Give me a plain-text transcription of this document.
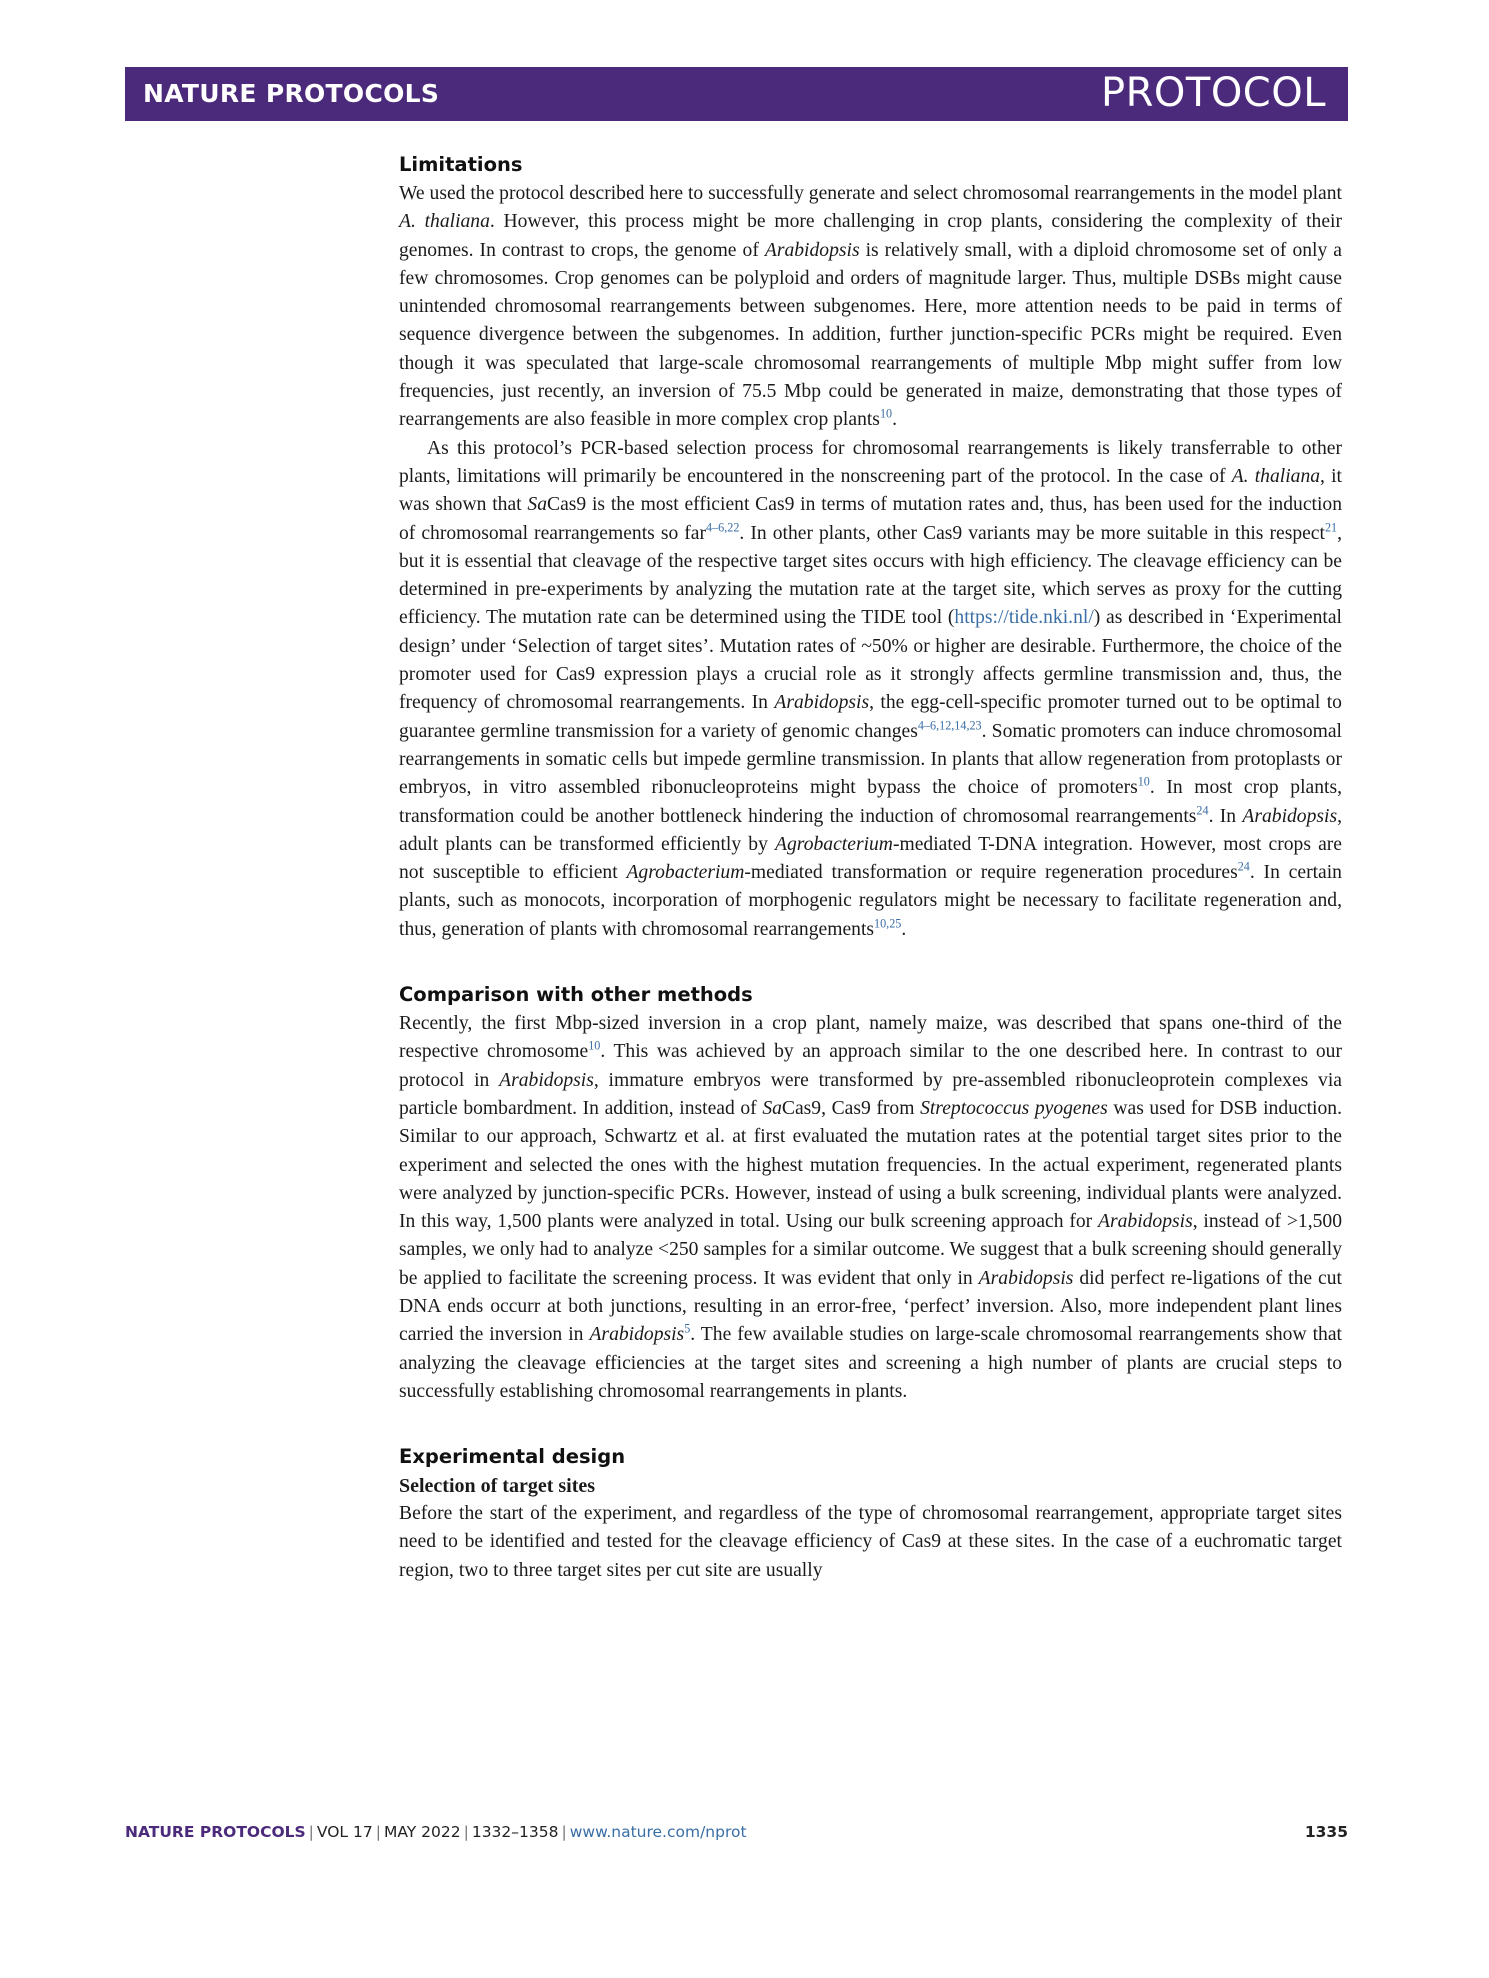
NATURE PROTOCOLS	PROTOCOL
Limitations

We used the protocol described here to successfully generate and select chromosomal rearrangements in the model plant A. thaliana. However, this process might be more challenging in crop plants, considering the complexity of their genomes. In contrast to crops, the genome of Arabidopsis is relatively small, with a diploid chromosome set of only a few chromosomes. Crop genomes can be polyploid and orders of magnitude larger. Thus, multiple DSBs might cause unintended chromosomal rearrangements between subgenomes. Here, more attention needs to be paid in terms of sequence divergence between the subgenomes. In addition, further junction-specific PCRs might be required. Even though it was speculated that large-scale chromosomal rearrangements of multiple Mbp might suffer from low frequencies, just recently, an inversion of 75.5 Mbp could be generated in maize, demonstrating that those types of rearrangements are also feasible in more complex crop plants$^{10}$.

As this protocol’s PCR-based selection process for chromosomal rearrangements is likely transferrable to other plants, limitations will primarily be encountered in the nonscreening part of the protocol. In the case of A. thaliana, it was shown that SaCas9 is the most efficient Cas9 in terms of mutation rates and, thus, has been used for the induction of chromosomal rearrangements so far$^{4-6,22}$. In other plants, other Cas9 variants may be more suitable in this respect$^{21}$, but it is essential that cleavage of the respective target sites occurs with high efficiency. The cleavage efficiency can be determined in pre-experiments by analyzing the mutation rate at the target site, which serves as proxy for the cutting efficiency. The mutation rate can be determined using the TIDE tool (https://tide.nki.nl/) as described in ‘Experimental design’ under ‘Selection of target sites’. Mutation rates of ~50% or higher are desirable. Furthermore, the choice of the promoter used for Cas9 expression plays a crucial role as it strongly affects germline transmission and, thus, the frequency of chromosomal rearrangements. In Arabidopsis, the egg-cell-specific promoter turned out to be optimal to guarantee germline transmission for a variety of genomic changes$^{4-6,12,14,23}$. Somatic promoters can induce chromosomal rearrangements in somatic cells but impede germline transmission. In plants that allow regeneration from protoplasts or embryos, in vitro assembled ribonucleoproteins might bypass the choice of promoters$^{10}$. In most crop plants, transformation could be another bottleneck hindering the induction of chromosomal rearrangements$^{24}$. In Arabidopsis, adult plants can be transformed efficiently by Agrobacterium-mediated T-DNA integration. However, most crops are not susceptible to efficient Agrobacterium-mediated transformation or require regeneration procedures$^{24}$. In certain plants, such as monocots, incorporation of morphogenic regulators might be necessary to facilitate regeneration and, thus, generation of plants with chromosomal rearrangements$^{10,25}$.

Comparison with other methods

Recently, the first Mbp-sized inversion in a crop plant, namely maize, was described that spans one-third of the respective chromosome$^{10}$. This was achieved by an approach similar to the one described here. In contrast to our protocol in Arabidopsis, immature embryos were transformed by pre-assembled ribonucleoprotein complexes via particle bombardment. In addition, instead of SaCas9, Cas9 from Streptococcus pyogenes was used for DSB induction. Similar to our approach, Schwartz et al. at first evaluated the mutation rates at the potential target sites prior to the experiment and selected the ones with the highest mutation frequencies. In the actual experiment, regenerated plants were analyzed by junction-specific PCRs. However, instead of using a bulk screening, individual plants were analyzed. In this way, 1,500 plants were analyzed in total. Using our bulk screening approach for Arabidopsis, instead of >1,500 samples, we only had to analyze <250 samples for a similar outcome. We suggest that a bulk screening should generally be applied to facilitate the screening process. It was evident that only in Arabidopsis did perfect re-ligations of the cut DNA ends occurr at both junctions, resulting in an error-free, ‘perfect’ inversion. Also, more independent plant lines carried the inversion in Arabidopsis$^5$. The few available studies on large-scale chromosomal rearrangements show that analyzing the cleavage efficiencies at the target sites and screening a high number of plants are crucial steps to successfully establishing chromosomal rearrangements in plants.

Experimental design
Selection of target sites

Before the start of the experiment, and regardless of the type of chromosomal rearrangement, appropriate target sites need to be identified and tested for the cleavage efficiency of Cas9 at these sites. In the case of a euchromatic target region, two to three target sites per cut site are usually

NATURE PROTOCOLS | VOL 17 | MAY 2022 | 1332–1358 | www.nature.com/nprot	1335
